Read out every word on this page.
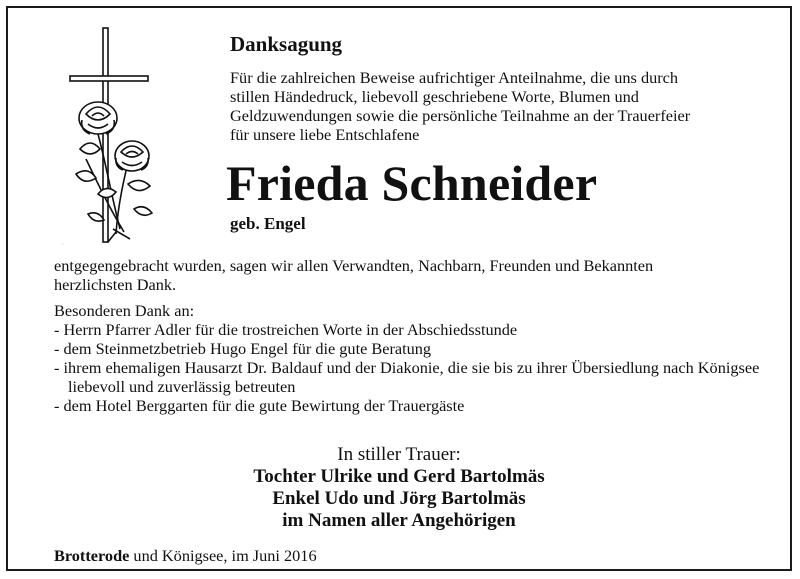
·
Danksagung
Für die zahlreichen Beweise aufrichtiger Anteilnahme, die uns durch
stillen Händedruck, liebevoll geschriebene Worte, Blumen und
Geldzuwendungen sowie die persönliche Teilnahme an der Trauerfeier
für unsere liebe Entschlafene
Frieda Schneider
geb. Engel

entgegengebracht wurden, sagen wir allen Verwandten, Nachbarn, Freunden und Bekannten

herzlichsten Dank.

Besonderen Dank an:

- Herrn Pfarrer Adler für die trostreichen Worte in der Abschiedsstunde
- dem Steinmetzbetrieb Hugo Engel für die gute Beratung
- ihrem ehemaligen Hausarzt Dr. Baldauf und der Diakonie, die sie bis zu ihrer Übersiedlung nach Königsee liebevoll und zuverlässig betreuten
- dem Hotel Berggarten für die gute Bewirtung der Trauergäste
In stiller Trauer:
Tochter Ulrike und Gerd Bartolmäs
Enkel Udo und Jörg Bartolmäs
im Namen aller Angehörigen
Brotterode und Königsee, im Juni 2016
